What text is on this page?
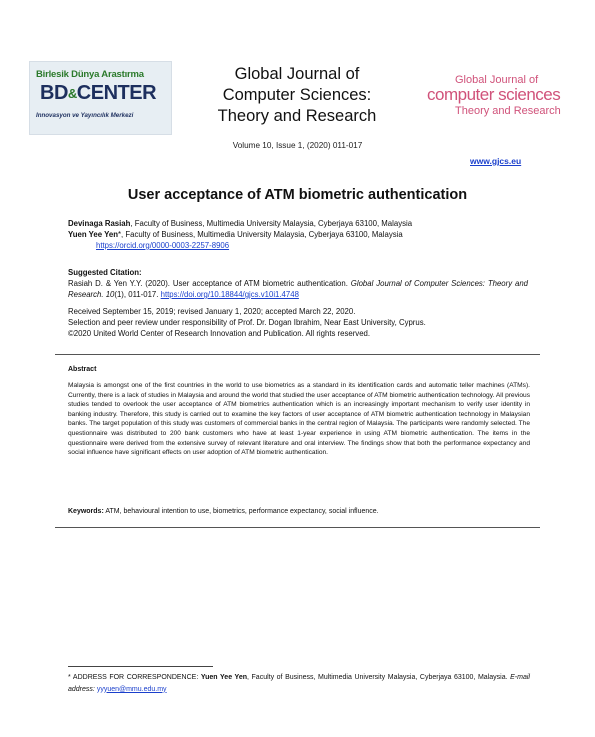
Birlesik Dünya Arastırma
BD&CENTER
Innovasyon ve Yayıncılık Merkezi
Global Journal of
Computer Sciences:
Theory and Research
Volume 10, Issue 1, (2020) 011-017
Global Journal of
computer sciences
Theory and Research
www.gjcs.eu
User acceptance of ATM biometric authentication
Devinaga Rasiah, Faculty of Business, Multimedia University Malaysia, Cyberjaya 63100, Malaysia
Yuen Yee Yen*, Faculty of Business, Multimedia University Malaysia, Cyberjaya 63100, Malaysia
https://orcid.org/0000-0003-2257-8906
Suggested Citation:
Rasiah D. & Yen Y.Y. (2020). User acceptance of ATM biometric authentication. Global Journal of Computer Sciences: Theory and Research. 10(1), 011-017. https://doi.org/10.18844/gjcs.v10i1.4748
Received September 15, 2019; revised January 1, 2020; accepted March 22, 2020.
Selection and peer review under responsibility of Prof. Dr. Dogan Ibrahim, Near East University, Cyprus.
©2020 United World Center of Research Innovation and Publication. All rights reserved.
Abstract
Malaysia is amongst one of the first countries in the world to use biometrics as a standard in its identification cards and automatic teller machines (ATMs). Currently, there is a lack of studies in Malaysia and around the world that studied the user acceptance of ATM biometric authentication technology. All previous studies tended to overlook the user acceptance of ATM biometrics authentication which is an increasingly important mechanism to verify user identity in banking industry. Therefore, this study is carried out to examine the key factors of user acceptance of ATM biometric authentication technology in Malaysian banks. The target population of this study was customers of commercial banks in the central region of Malaysia. The participants were randomly selected. The questionnaire was distributed to 200 bank customers who have at least 1-year experience in using ATM biometric authentication. The items in the questionnaire were derived from the extensive survey of relevant literature and oral interview. The findings show that both the performance expectancy and social influence have significant effects on user adoption of ATM biometric authentication.
Keywords: ATM, behavioural intention to use, biometrics, performance expectancy, social influence.
* ADDRESS FOR CORRESPONDENCE: Yuen Yee Yen, Faculty of Business, Multimedia University Malaysia, Cyberjaya 63100, Malaysia. E-mail address: yyyuen@mmu.edu.my
